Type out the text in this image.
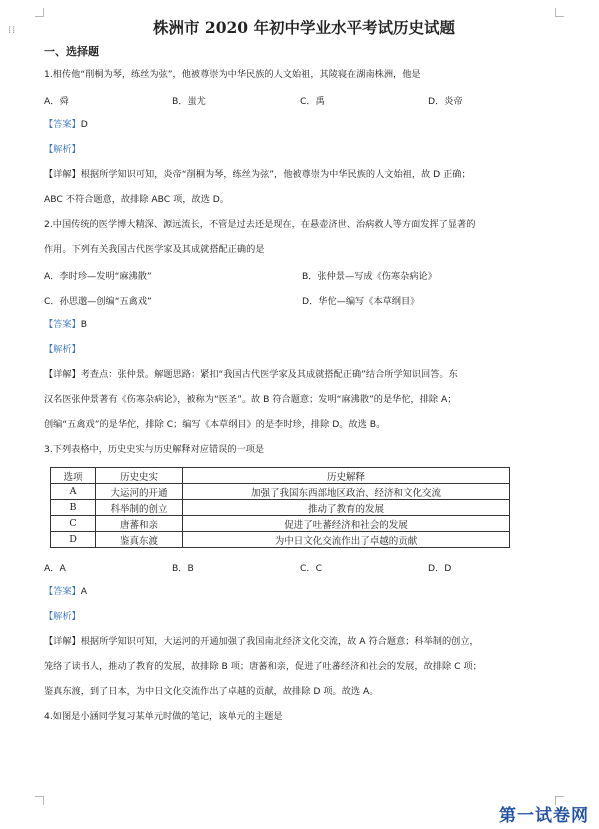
⁞⁞	株洲市 2020 年初中学业水平考试历史试题
一、选择题
1.相传他“削桐为琴，练丝为弦”，他被尊崇为中华民族的人文始祖，其陵寝在湖南株洲，他是
A．舜	B．蚩尤	C．禹	D．炎帝
【答案】 D
【解析】
【详解】 根据所学知识可知，炎帝“削桐为琴，练丝为弦”，他被尊崇为中华民族的人文始祖，故 D 正确；
ABC 不符合题意，故排除 ABC 项，故选 D。
2.中国传统的医学博大精深、源远流长，不管是过去还是现在，在悬壶济世、治病救人等方面发挥了显著的
作用。下列有关我国古代医学家及其成就搭配正确的是
A．李时珍—发明“麻沸散”	B．张仲景—写成《伤寒杂病论》
C．孙思邈—创编“五禽戏”	D．华佗—编写《本草纲目》
【答案】 B
【解析】
【详解】 考查点：张仲景。解题思路：紧扣“我国古代医学家及其成就搭配正确”结合所学知识回答。东
汉名医张仲景著有《伤寒杂病论》，被称为“医圣”。故 B 符合题意；发明“麻沸散”的是华佗，排除 A；
创编“五禽戏”的是华佗，排除 C；编写《本草纲目》的是李时珍，排除 D。故选 B。
3.下列表格中，历史史实与历史解释对应错误的一项是
选项	历史史实	历史解释
A	大运河的开通	加强了我国东西部地区政治、经济和文化交流
B	科举制的创立	推动了教育的发展
C	唐蕃和亲	促进了吐蕃经济和社会的发展
D	鉴真东渡	为中日文化交流作出了卓越的贡献
A．A	B．B	C．C	D．D
【答案】 A
【解析】
【详解】 根据所学知识可知，大运河的开通加强了我国南北经济文化交流，故 A 符合题意；科举制的创立，
笼络了读书人，推动了教育的发展，故排除 B 项；唐蕃和亲，促进了吐蕃经济和社会的发展，故排除 C 项；
鉴真东渡，到了日本，为中日文化交流作出了卓越的贡献，故排除 D 项。故选 A。
4.如图是小涵同学复习某单元时做的笔记，该单元的主题是
第一试卷网
